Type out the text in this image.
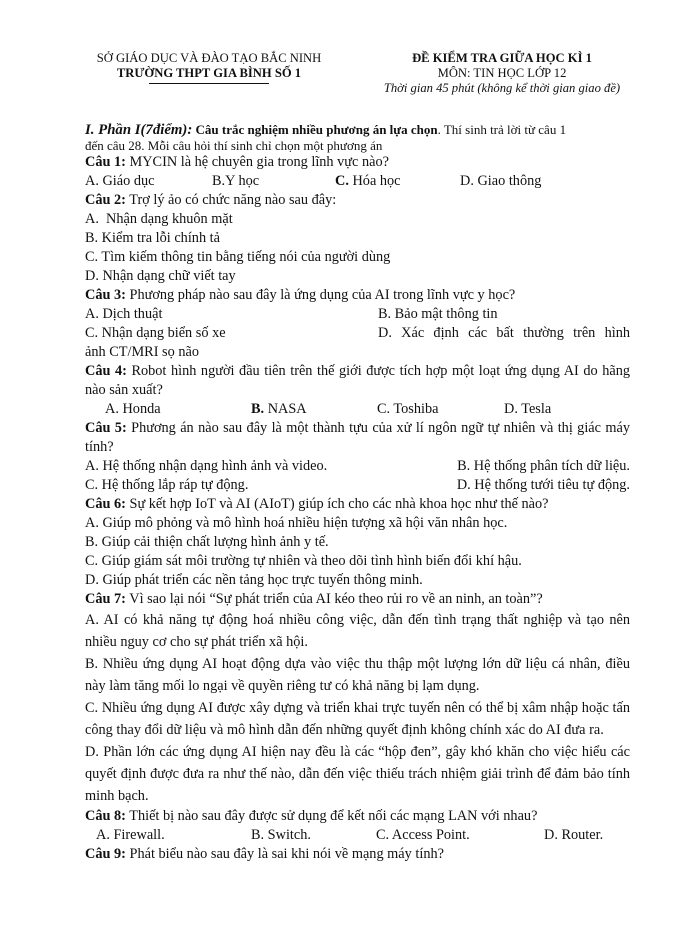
SỞ GIÁO DỤC VÀ ĐÀO TẠO BẮC NINH
TRƯỜNG THPT GIA BÌNH SỐ 1
ĐỀ KIỂM TRA GIỮA HỌC KÌ 1
MÔN: TIN HỌC LỚP 12
Thời gian 45 phút (không kể thời gian giao đề)
I. Phần I(7điểm): Câu trắc nghiệm nhiều phương án lựa chọn. Thí sinh trả lời từ câu 1
đến câu 28. Mỗi câu hỏi thí sinh chỉ chọn một phương án
Câu 1: MYCIN là hệ chuyên gia trong lĩnh vực nào?
A. Giáo dục	B.Y học	C. Hóa học	D. Giao thông
Câu 2: Trợ lý ảo có chức năng nào sau đây:
A.  Nhận dạng khuôn mặt
B. Kiểm tra lỗi chính tả
C. Tìm kiếm thông tin bằng tiếng nói của người dùng
D. Nhận dạng chữ viết tay
Câu 3: Phương pháp nào sau đây là ứng dụng của AI trong lĩnh vực y học?
A. Dịch thuật	B. Bảo mật thông tin
C. Nhận dạng biển số xe	D. Xác định các bất thường trên hình
ảnh CT/MRI sọ não
Câu 4: Robot hình người đầu tiên trên thế giới được tích hợp một loạt ứng dụng AI do hãng nào sản xuất?
A. Honda	B. NASA	C. Toshiba	D. Tesla
Câu 5: Phương án nào sau đây là một thành tựu của xử lí ngôn ngữ tự nhiên và thị giác máy tính?
A. Hệ thống nhận dạng hình ảnh và video.	B. Hệ thống phân tích dữ liệu.
C. Hệ thống lắp ráp tự động.	D. Hệ thống tưới tiêu tự động.
Câu 6: Sự kết hợp IoT và AI (AIoT) giúp ích cho các nhà khoa học như thế nào?
A. Giúp mô phỏng và mô hình hoá nhiều hiện tượng xã hội văn nhân học.
B. Giúp cải thiện chất lượng hình ảnh y tế.
C. Giúp giám sát môi trường tự nhiên và theo dõi tình hình biến đổi khí hậu.
D. Giúp phát triển các nền tảng học trực tuyến thông minh.
Câu 7: Vì sao lại nói “Sự phát triển của AI kéo theo rủi ro về an ninh, an toàn”?
A. AI có khả năng tự động hoá nhiều công việc, dẫn đến tình trạng thất nghiệp và tạo nên nhiều nguy cơ cho sự phát triển xã hội.
B. Nhiều ứng dụng AI hoạt động dựa vào việc thu thập một lượng lớn dữ liệu cá nhân, điều này làm tăng mối lo ngại về quyền riêng tư có khả năng bị lạm dụng.
C. Nhiều ứng dụng AI được xây dựng và triển khai trực tuyến nên có thể bị xâm nhập hoặc tấn công thay đổi dữ liệu và mô hình dẫn đến những quyết định không chính xác do AI đưa ra.
D. Phần lớn các ứng dụng AI hiện nay đều là các “hộp đen”, gây khó khăn cho việc hiểu các quyết định được đưa ra như thế nào, dẫn đến việc thiếu trách nhiệm giải trình để đảm bảo tính minh bạch.
Câu 8: Thiết bị nào sau đây được sử dụng để kết nối các mạng LAN với nhau?
A. Firewall.	B. Switch.	C. Access Point.	D. Router.
Câu 9: Phát biểu nào sau đây là sai khi nói về mạng máy tính?
